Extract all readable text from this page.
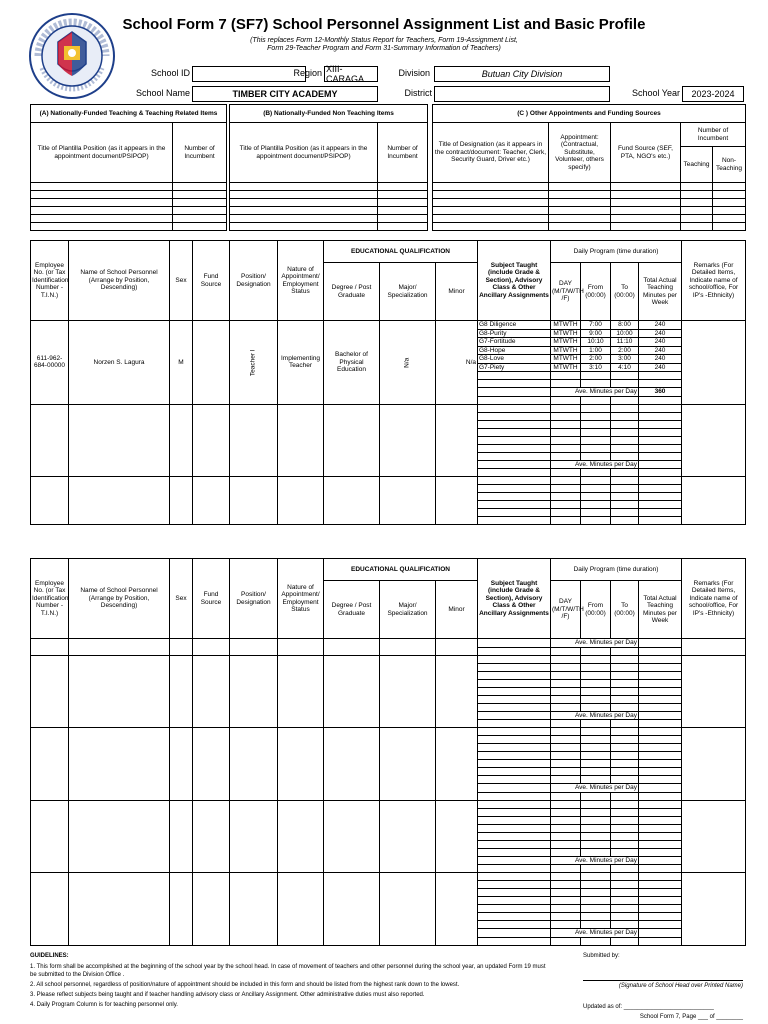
School Form 7 (SF7) School Personnel Assignment List and Basic Profile
(This replaces Form 12-Monthly Status Report for Teachers, Form 19-Assignment List,
Form 29-Teacher Program and Form 31-Summary Information of Teachers)
School ID	Region XIII- CARAGA
Division	Butuan City Division
School Name	TIMBER CITY ACADEMY	District	School Year	2023-2024
(A) Nationally-Funded Teaching & Teaching Related Items	
Title of Plantilla Position (as it appears in the appointment document/PSIPOP)	Number of Incumbent

(B) Nationally-Funded Non Teaching Items	
Title of Plantilla Position (as it appears in the appointment document/PSIPOP)	Number of Incumbent

(C ) Other Appointments and Funding Sources				
Title of Designation (as it appears in the contract/document: Teacher, Clerk, Security Guard, Driver etc.)	Appointment: (Contractual, Substitute, Volunteer, others specify)	Fund Source (SEF, PTA, NGO's etc.)	Number of Incumbent	
			Teaching	Non-Teaching

Employee No. (or Tax Identification Number - T.I.N.)	Name of School Personnel (Arrange by Position, Descending)	Sex	Fund Source	Position/ Designation	Nature of Appointment/ Employment Status	EDUCATIONAL QUALIFICATION			Subject Taught (include Grade & Section), Advisory Class & Other Ancillary Assignments	Daily Program (time duration)				Remarks (For Detailed Items, Indicate name of school/office, For IP's -Ethnicity)
						Degree / Post Graduate	Major/ Specialization	Minor		DAY (M/T/W/TH /F)	From (00:00)	To (00:00)	Total Actual Teaching Minutes per Week	
611-962-684-00000	Norzen S. Lagura	M		Teacher I	Implementing Teacher	Bachelor of Physical Education	N/a	N/a	G8 Diligence	MTWTH	7:00	8:00	240	
									G8-Purity	MTWTH	9:00	10:00	240	
									G7-Fortitude	MTWTH	10:10	11:10	240	
									G8-Hope	MTWTH	1:00	2:00	240	
									G8-Love	MTWTH	2:00	3:00	240	
									G7-Piety	MTWTH	3:10	4:10	240	

										Ave. Minutes per Day			360	

										Ave. Minutes per Day				

Employee No. (or Tax Identification Number - T.I.N.)	Name of School Personnel (Arrange by Position, Descending)	Sex	Fund Source	Position/ Designation	Nature of Appointment/ Employment Status	EDUCATIONAL QUALIFICATION			Subject Taught (include Grade & Section), Advisory Class & Other Ancillary Assignments	Daily Program (time duration)				Remarks (For Detailed Items, Indicate name of school/office, For IP's -Ethnicity)
						Degree / Post Graduate	Major/ Specialization	Minor		DAY (M/T/W/TH /F)	From (00:00)	To (00:00)	Total Actual Teaching Minutes per Week	
										Ave. Minutes per Day				

										Ave. Minutes per Day				

										Ave. Minutes per Day				

										Ave. Minutes per Day				

										Ave. Minutes per Day				

GUIDELINES:
1. This form shall be accomplished at the beginning of the school year by the school head. In case of movement of teachers and other personnel during the school year, an updated Form 19 must be submitted to the Division Office .
2. All school personnel, regardless of position/nature of appointment should be included in this form and should be listed from the highest rank down to the lowest.
3. Please reflect subjects being taught and if teacher handling advisory class or Ancillary Assignment. Other administrative duties must also reported.
4. Daily Program Column is for teaching personnel only.
Submitted by:
(Signature of School Head over Printed Name)
Updated as of: ___________________________
School Form 7, Page ___ of ________
